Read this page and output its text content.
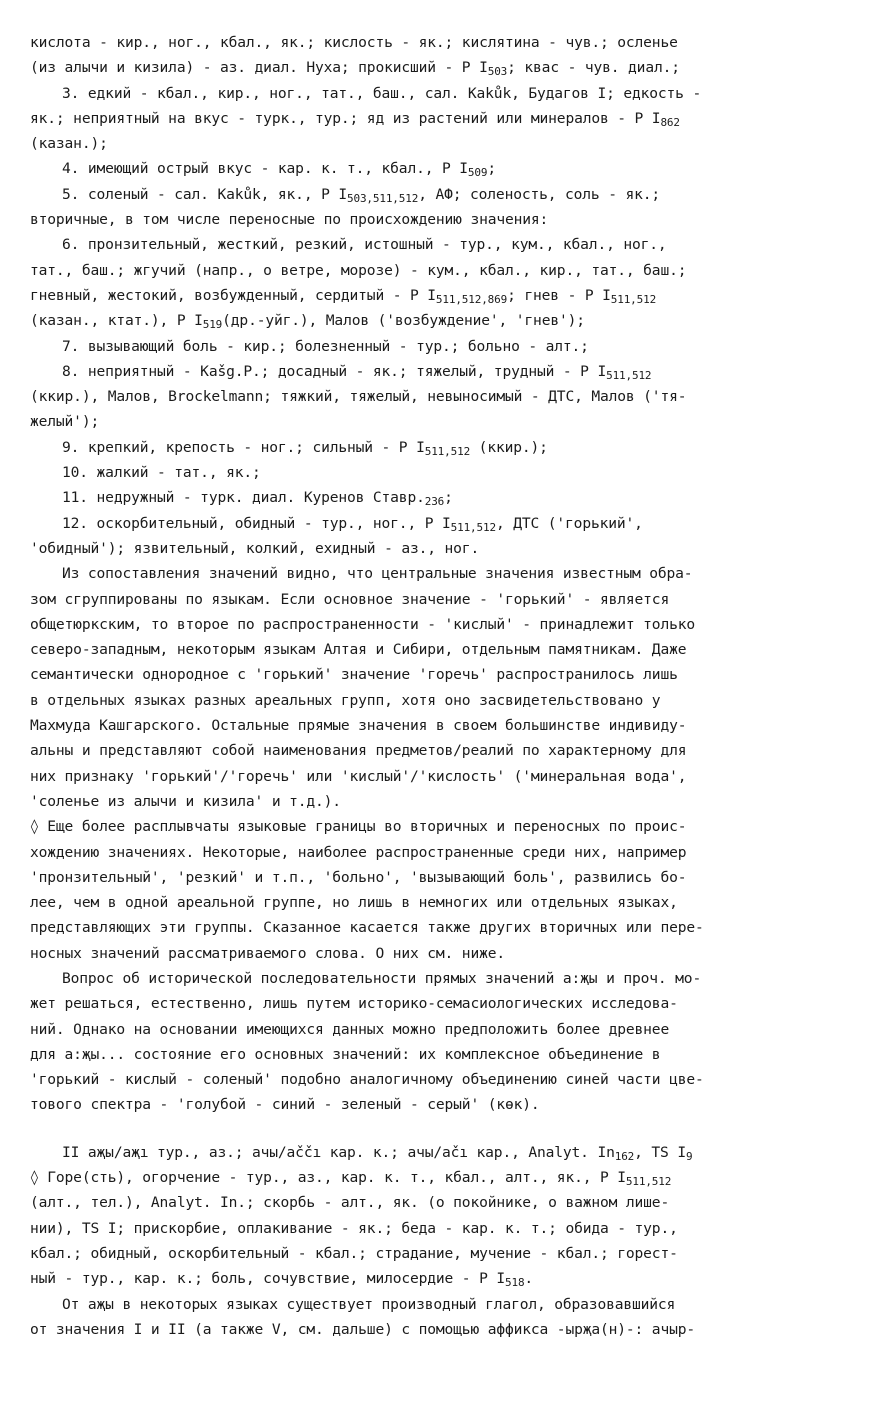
кислота - кир., ног., кбал., як.; кислость - як.; кислятина - чув.; осленье
(из алычи и кизила) - аз. диал. Нуха; прокисший - Р $I_{503}$; квас - чув. диал.;
3. едкий - кбал., кир., ног., тат., баш., сал. Kakůk, Будагов I; едкость -
як.; неприятный на вкус - турк., тур.; яд из растений или минералов - Р $I_{862}$
(казан.);
4. имеющий острый вкус - кар. к. т., кбал., Р $I_{509}$;
5. соленый - сал. Kakůk, як., Р $I_{503,511,512}$, АФ; соленость, соль - як.;
вторичные, в том числе переносные по происхождению значения:
6. пронзительный, жесткий, резкий, истошный - тур., кум., кбал., ног.,
тат., баш.; жгучий (напр., о ветре, морозе) - кум., кбал., кир., тат., баш.;
гневный, жестокий, возбужденный, сердитый - Р $I_{511,512,869}$; гнев - Р $I_{511,512}$
(казан., ктат.), Р $I_{519}(др.-уйг.)$, Малов ('возбуждение', 'гнев');
7. вызывающий боль - кир.; болезненный - тур.; больно - алт.;
8. неприятный - Kašg.Р.; досадный - як.; тяжелый, трудный - Р $I_{511,512}$
(ккир.), Малов, Brockelmann; тяжкий, тяжелый, невыносимый - ДТС, Малов ('тя-
желый');
9. крепкий, крепость - ног.; сильный - Р $I_{511,512}$ (ккир.);
10. жалкий - тат., як.;
11. недружный - турк. диал. Куренов $Ставр._{236}$;
12. оскорбительный, обидный - тур., ног., Р $I_{511,512}$, ДТС ('горький',
'обидный'); язвительный, колкий, ехидный - аз., ног.
Из сопоставления значений видно, что центральные значения известным обра-
зом сгруппированы по языкам. Если основное значение - 'горький' - является
общетюркским, то второе по распространенности - 'кислый' - принадлежит только
северо-западным, некоторым языкам Алтая и Сибири, отдельным памятникам. Даже
семантически однородное с 'горький' значение 'горечь' распространилось лишь
в отдельных языках разных ареальных групп, хотя оно засвидетельствовано у
Махмуда Кашгарского. Остальные прямые значения в своем большинстве индивиду-
альны и представляют собой наименования предметов/реалий по характерному для
них признаку 'горький'/'горечь' или 'кислый'/'кислость' ('минеральная вода',
'соленье из алычи и кизила' и т.д.).
◊ Еще более расплывчаты языковые границы во вторичных и переносных по проис-
хождению значениях. Некоторые, наиболее распространенные среди них, например
'пронзительный', 'резкий' и т.п., 'больно', 'вызывающий боль', развились бо-
лее, чем в одной ареальной группе, но лишь в немногих или отдельных языках,
представляющих эти группы. Сказанное касается также других вторичных или пере-
носных значений рассматриваемого слова. О них см. ниже.
Вопрос об исторической последовательности прямых значений а:җы и проч. мо-
жет решаться, естественно, лишь путем историко-семасиологических исследова-
ний. Однако на основании имеющихся данных можно предположить более древнее
для а:җы... состояние его основных значений: их комплексное объединение в
'горький - кислый - соленый' подобно аналогичному объединению синей части цве-
тового спектра - 'голубой - синий - зеленый - серый' (көк).
II аҗы/аҗı тур., аз.; ачы/аččı кар. к.; ачы/ačı кар., Analyt. $In_{162}$, TS $I_9$
◊ Горе(сть), огорчение - тур., аз., кар. к. т., кбал., алт., як., Р $I_{511,512}$
(алт., тел.), Analyt. In.; скорбь - алт., як. (о покойнике, о важном лише-
нии), TS I; прискорбие, оплакивание - як.; беда - кар. к. т.; обида - тур.,
кбал.; обидный, оскорбительный - кбал.; страдание, мучение - кбал.; горест-
ный - тур., кар. к.; боль, сочувствие, милосердие - Р $I_{518}$.
От аҗы в некоторых языках существует производный глагол, образовавшийся
от значения I и II (а также V, см. дальше) с помощью аффикса -ырҗа(н)-: ачыр-
